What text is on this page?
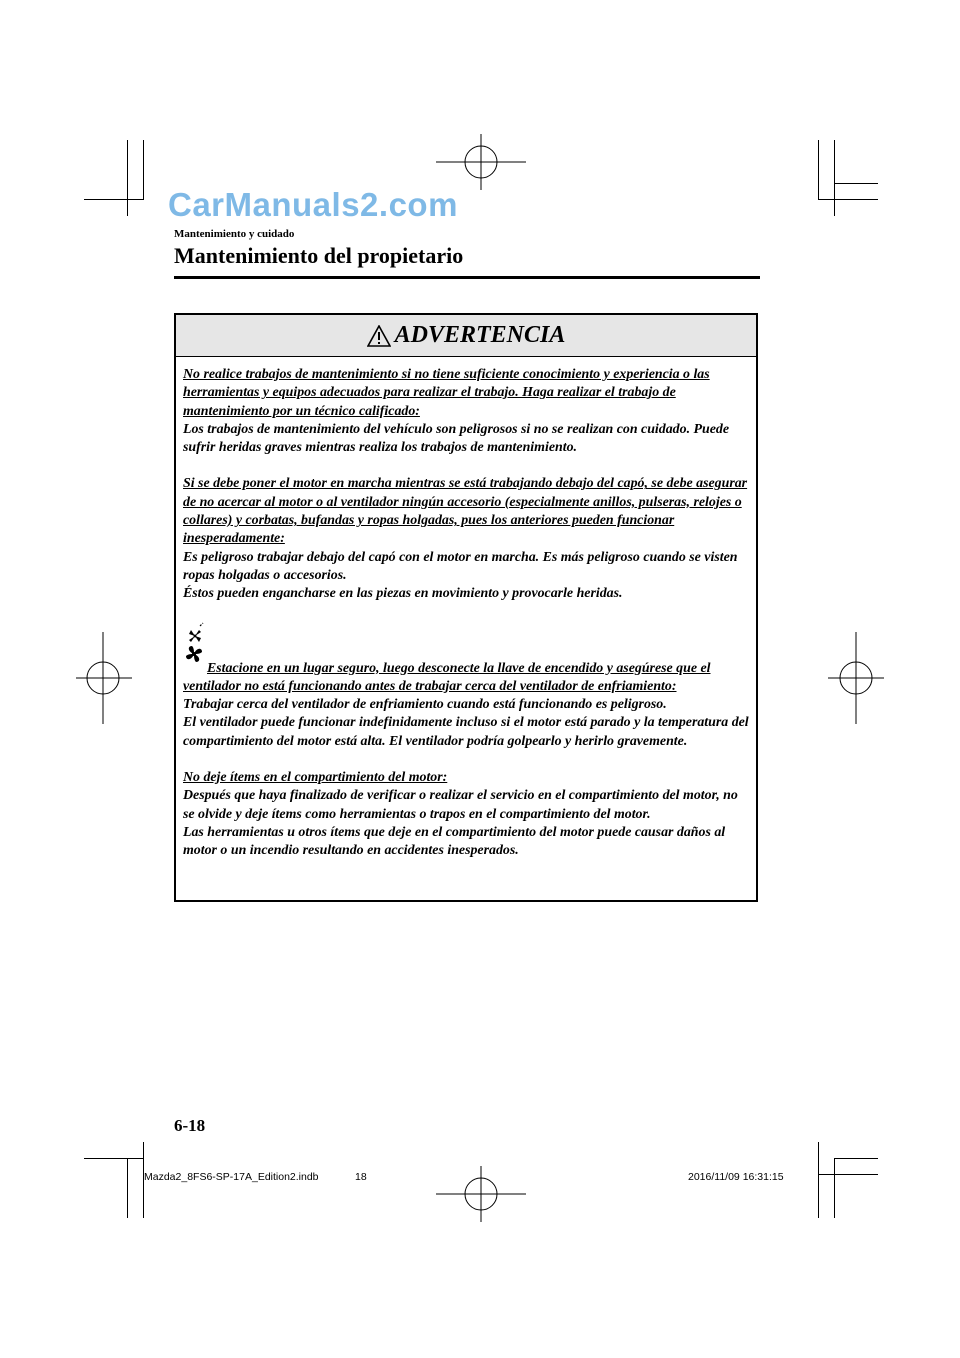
CarManuals2.com
Mantenimiento y cuidado
Mantenimiento del propietario
ADVERTENCIA

No realice trabajos de mantenimiento si no tiene suficiente conocimiento y experiencia o las herramientas y equipos adecuados para realizar el trabajo. Haga realizar el trabajo de mantenimiento por un técnico calificado:

Los trabajos de mantenimiento del vehículo son peligrosos si no se realizan con cuidado. Puede sufrir heridas graves mientras realiza los trabajos de mantenimiento.

Si se debe poner el motor en marcha mientras se está trabajando debajo del capó, se debe asegurar de no acercar al motor o al ventilador ningún accesorio (especialmente anillos, pulseras, relojes o collares) y corbatas, bufandas y ropas holgadas, pues los anteriores pueden funcionar inesperadamente:

Es peligroso trabajar debajo del capó con el motor en marcha. Es más peligroso cuando se visten ropas holgadas o accesorios.

Éstos pueden engancharse en las piezas en movimiento y provocarle heridas.

Estacione en un lugar seguro, luego desconecte la llave de encendido y asegúrese que el ventilador no está funcionando antes de trabajar cerca del ventilador de enfriamiento:

Trabajar cerca del ventilador de enfriamiento cuando está funcionando es peligroso.

El ventilador puede funcionar indefinidamente incluso si el motor está parado y la temperatura del compartimiento del motor está alta. El ventilador podría golpearlo y herirlo gravemente.

No deje ítems en el compartimiento del motor:

Después que haya finalizado de verificar o realizar el servicio en el compartimiento del motor, no se olvide y deje ítems como herramientas o trapos en el compartimiento del motor.

Las herramientas u otros ítems que deje en el compartimiento del motor puede causar daños al motor o un incendio resultando en accidentes inesperados.

6-18
Mazda2_8FS6-SP-17A_Edition2.indb	18	2016/11/09 16:31:15
